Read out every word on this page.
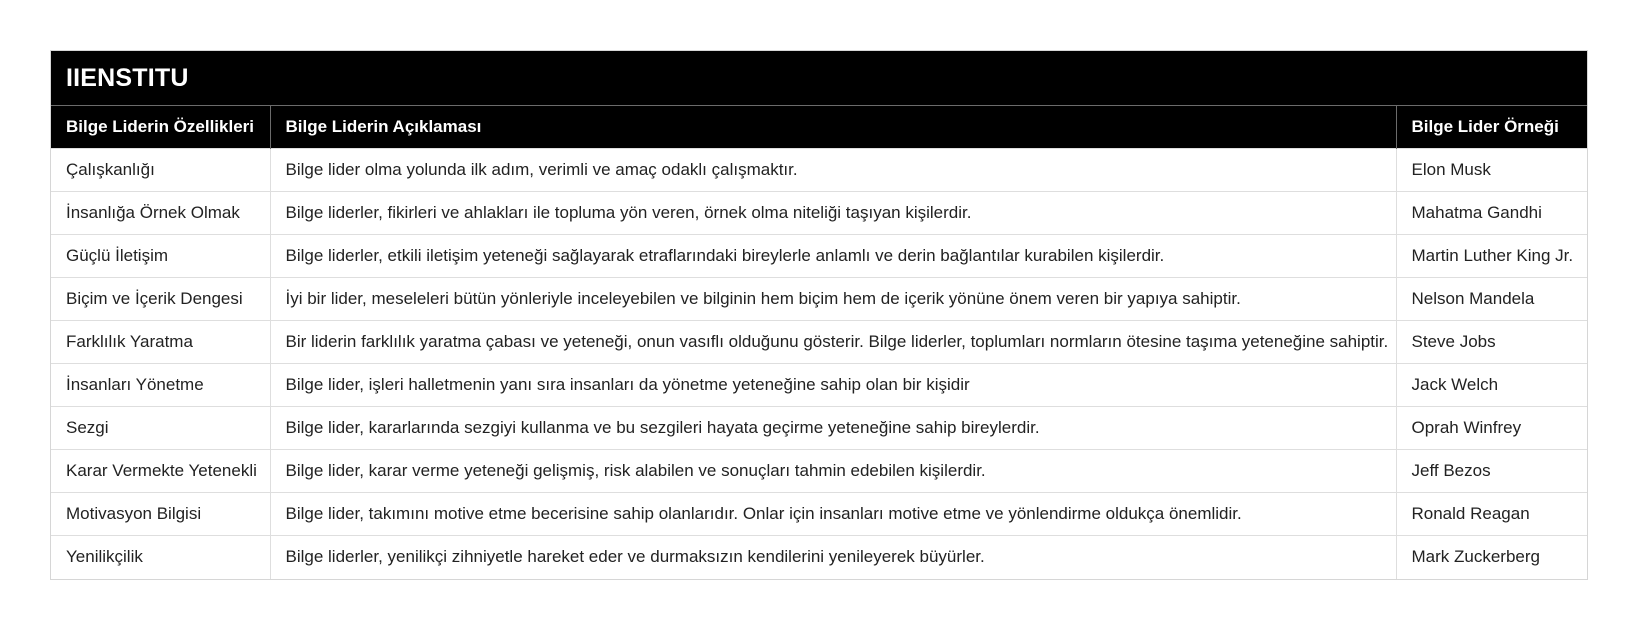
IIENSTITU
Bilge Liderin Özellikleri	Bilge Liderin Açıklaması	Bilge Lider Örneği
Çalışkanlığı	Bilge lider olma yolunda ilk adım, verimli ve amaç odaklı çalışmaktır.	Elon Musk
İnsanlığa Örnek Olmak	Bilge liderler, fikirleri ve ahlakları ile topluma yön veren, örnek olma niteliği taşıyan kişilerdir.	Mahatma Gandhi
Güçlü İletişim	Bilge liderler, etkili iletişim yeteneği sağlayarak etraflarındaki bireylerle anlamlı ve derin bağlantılar kurabilen kişilerdir.	Martin Luther King Jr.
Biçim ve İçerik Dengesi	İyi bir lider, meseleleri bütün yönleriyle inceleyebilen ve bilginin hem biçim hem de içerik yönüne önem veren bir yapıya sahiptir.	Nelson Mandela
Farklılık Yaratma	Bir liderin farklılık yaratma çabası ve yeteneği, onun vasıflı olduğunu gösterir. Bilge liderler, toplumları normların ötesine taşıma yeteneğine sahiptir.	Steve Jobs
İnsanları Yönetme	Bilge lider, işleri halletmenin yanı sıra insanları da yönetme yeteneğine sahip olan bir kişidir	Jack Welch
Sezgi	Bilge lider, kararlarında sezgiyi kullanma ve bu sezgileri hayata geçirme yeteneğine sahip bireylerdir.	Oprah Winfrey
Karar Vermekte Yetenekli	Bilge lider, karar verme yeteneği gelişmiş, risk alabilen ve sonuçları tahmin edebilen kişilerdir.	Jeff Bezos
Motivasyon Bilgisi	Bilge lider, takımını motive etme becerisine sahip olanlarıdır. Onlar için insanları motive etme ve yönlendirme oldukça önemlidir.	Ronald Reagan
Yenilikçilik	Bilge liderler, yenilikçi zihniyetle hareket eder ve durmaksızın kendilerini yenileyerek büyürler.	Mark Zuckerberg
